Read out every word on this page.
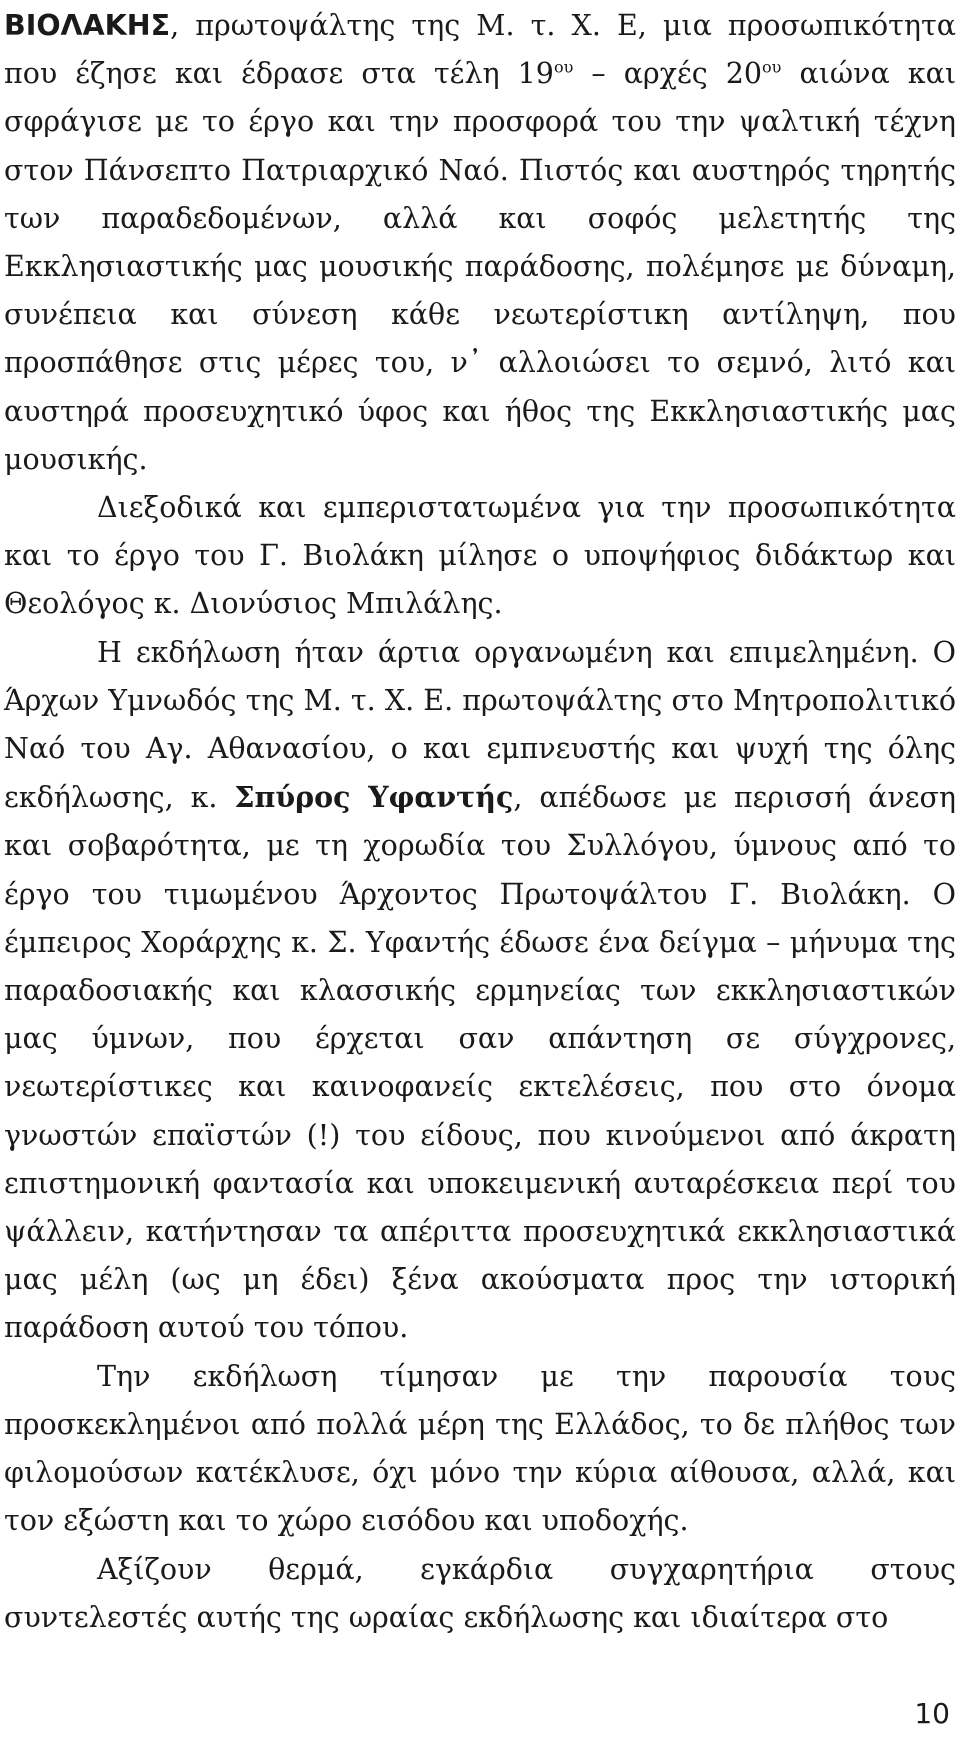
ΒΙΟΛΑΚΗΣ, πρωτοψάλτης της Μ. τ. Χ. Ε, μια προσωπικότητα που έζησε και έδρασε στα τέλη $19^{o\upsilon}$ – αρχές $20^{o\upsilon}$ αιώνα και σφράγισε με το έργο και την προσφορά του την ψαλτική τέχνη στον Πάνσεπτο Πατριαρχικό Ναό. Πιστός και αυστηρός τηρητής των παραδεδομένων, αλλά και σοφός μελετητής της Εκκλησιαστικής μας μουσικής παράδοσης, πολέμησε με δύναμη, συνέπεια και σύνεση κάθε νεωτερίστικη αντίληψη, που προσπάθησε στις μέρες του, ν᾽ αλλοιώσει το σεμνό, λιτό και αυστηρά προσευχητικό ύφος και ήθος της Εκκλησιαστικής μας μουσικής.

Διεξοδικά και εμπεριστατωμένα για την προσωπικότητα και το έργο του Γ. Βιολάκη μίλησε ο υποψήφιος διδάκτωρ και Θεολόγος κ. Διονύσιος Μπιλάλης.

Η εκδήλωση ήταν άρτια οργανωμένη και επιμελημένη. Ο Άρχων Υμνωδός της Μ. τ. Χ. Ε. πρωτοψάλτης στο Μητροπολιτικό Ναό του Αγ. Αθανασίου, ο και εμπνευστής και ψυχή της όλης εκδήλωσης, κ. Σπύρος Υφαντής, απέδωσε με περισσή άνεση και σοβαρότητα, με τη χορωδία του Συλλόγου, ύμνους από το έργο του τιμωμένου Άρχοντος Πρωτοψάλτου Γ. Βιολάκη. Ο έμπειρος Χοράρχης κ. Σ. Υφαντής έδωσε ένα δείγμα – μήνυμα της παραδοσιακής και κλασσικής ερμηνείας των εκκλησιαστικών μας ύμνων, που έρχεται σαν απάντηση σε σύγχρονες, νεωτερίστικες και καινοφανείς εκτελέσεις, που στο όνομα γνωστών επαϊστών (!) του είδους, που κινούμενοι από άκρατη επιστημονική φαντασία και υποκειμενική αυταρέσκεια περί του ψάλλειν, κατήντησαν τα απέριττα προσευχητικά εκκλησιαστικά μας μέλη (ως μη έδει) ξένα ακούσματα προς την ιστορική παράδοση αυτού του τόπου.

Την εκδήλωση τίμησαν με την παρουσία τους προσκεκλημένοι από πολλά μέρη της Ελλάδος, το δε πλήθος των φιλομούσων κατέκλυσε, όχι μόνο την κύρια αίθουσα, αλλά, και τον εξώστη και το χώρο εισόδου και υποδοχής.

Αξίζουν θερμά, εγκάρδια συγχαρητήρια στους συντελεστές αυτής της ωραίας εκδήλωσης και ιδιαίτερα στο

10
